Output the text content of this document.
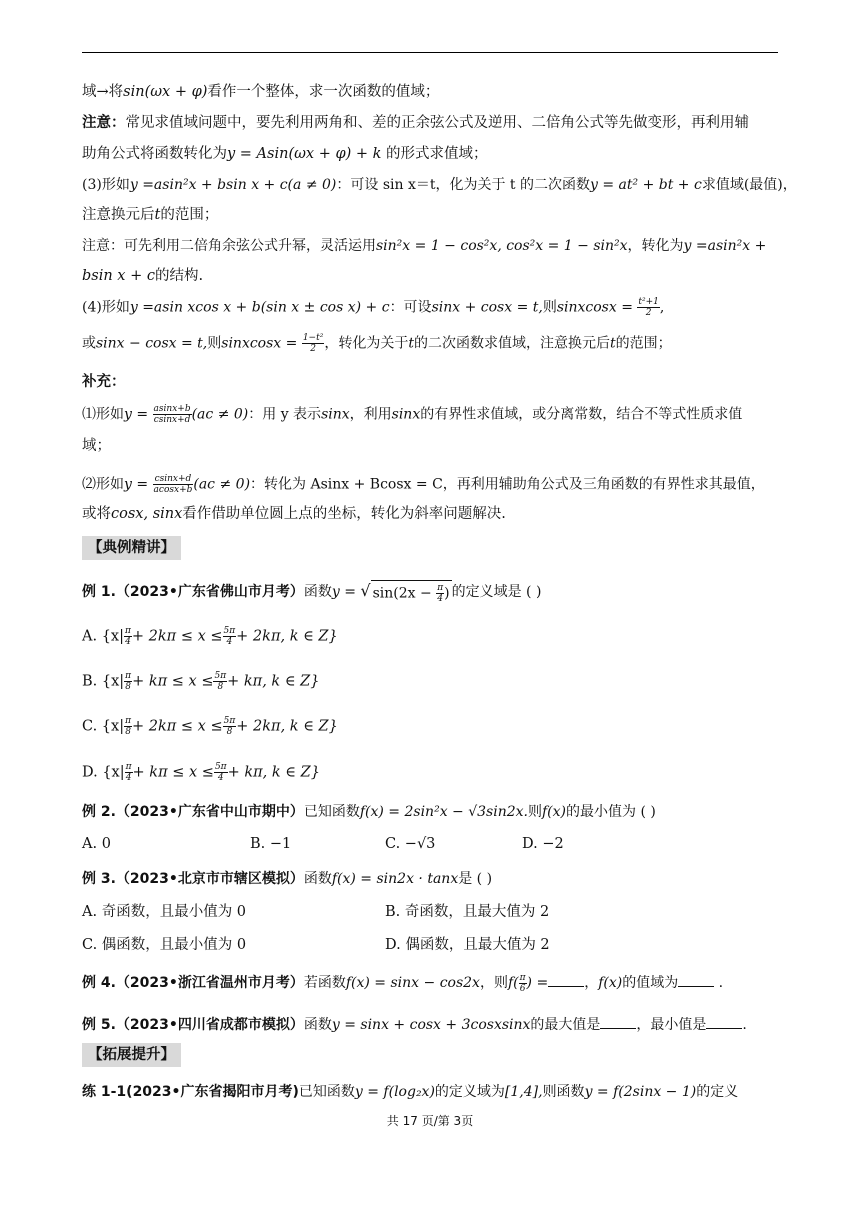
域→将sin(ωx + φ)看作一个整体，求一次函数的值域；
注意：常见求值域问题中，要先利用两角和、差的正余弦公式及逆用、二倍角公式等先做变形，再利用辅
助角公式将函数转化为y = Asin(ωx + φ) + k 的形式求值域；
(3)形如y =asin²x + bsin x + c(a ≠ 0)：可设 sin x＝t，化为关于 t 的二次函数y = at² + bt + c求值域(最值)，
注意换元后t的范围；
注意：可先利用二倍角余弦公式升幂，灵活运用sin²x = 1 − cos²x, cos²x = 1 − sin²x，转化为y =asin²x +
bsin x + c的结构.
(4)形如y =asin xcos x + b(sin x ± cos x) + c：可设sinx + cosx = t,则sinxcosx = $\frac{\text{t²+1}}{2}$ ,
或sinx − cosx = t,则sinxcosx = $\frac{\text{1−t²}}{2}$ ，转化为关于t的二次函数求值域，注意换元后t的范围；
补充：
⑴形如$y = \frac{asinx+b}{csinx+d} (ac \ne 0)$：用 y 表示sinx，利用sinx的有界性求值域，或分离常数，结合不等式性质求值
域；
⑵形如$y = \frac{csinx+d}{acosx+b} (ac \ne 0)$：转化为 Asinx + Bcosx = C，再利用辅助角公式及三角函数的有界性求其最值，
或将cosx, sinx看作借助单位圆上点的坐标，转化为斜率问题解决.
【典例精讲】
例 1.（2023•广东省佛山市月考）函数y = √ $\sin(2x - \frac{\pi}{4}$ ) 的定义域是 ( )
A. {$x| \frac{\pi}{4} + 2k\pi \le x \le \frac{5\pi}{4} + 2k\pi$, k ∈ Z}
B. {$x| \frac{\pi}{8} + k\pi \le x \le \frac{5\pi}{8} + k\pi$, k ∈ Z}
C. {$x| \frac{\pi}{8} + 2k\pi \le x \le \frac{5\pi}{8} + 2k\pi$, k ∈ Z}
D. {$x| \frac{\pi}{4} + k\pi \le x \le \frac{5\pi}{4} + k\pi$, k ∈ Z}
例 2.（2023•广东省中山市期中）已知函数f(x) = 2sin²x − √3sin2x.则f(x)的最小值为 ( )
A. 0	B. −1	C. −√3	D. −2
例 3.（2023•北京市市辖区模拟）函数f(x) = sin2x · tanx是 ( )
A. 奇函数，且最小值为 0	B. 奇函数，且最大值为 2
C. 偶函数，且最小值为 0	D. 偶函数，且最大值为 2
例 4.（2023•浙江省温州市月考）若函数f(x) = sinx − cos2x，则$f( \frac{\pi}{6}$ ) =	，f(x)的值域为	.
例 5.（2023•四川省成都市模拟）函数y = sinx + cosx + 3cosxsinx的最大值是	，最小值是	.
【拓展提升】
练 1-1(2023•广东省揭阳市月考)已知函数y = f(log₂x)的定义域为[1,4],则函数y = f(2sinx − 1)的定义
共 17 页/第 3页
